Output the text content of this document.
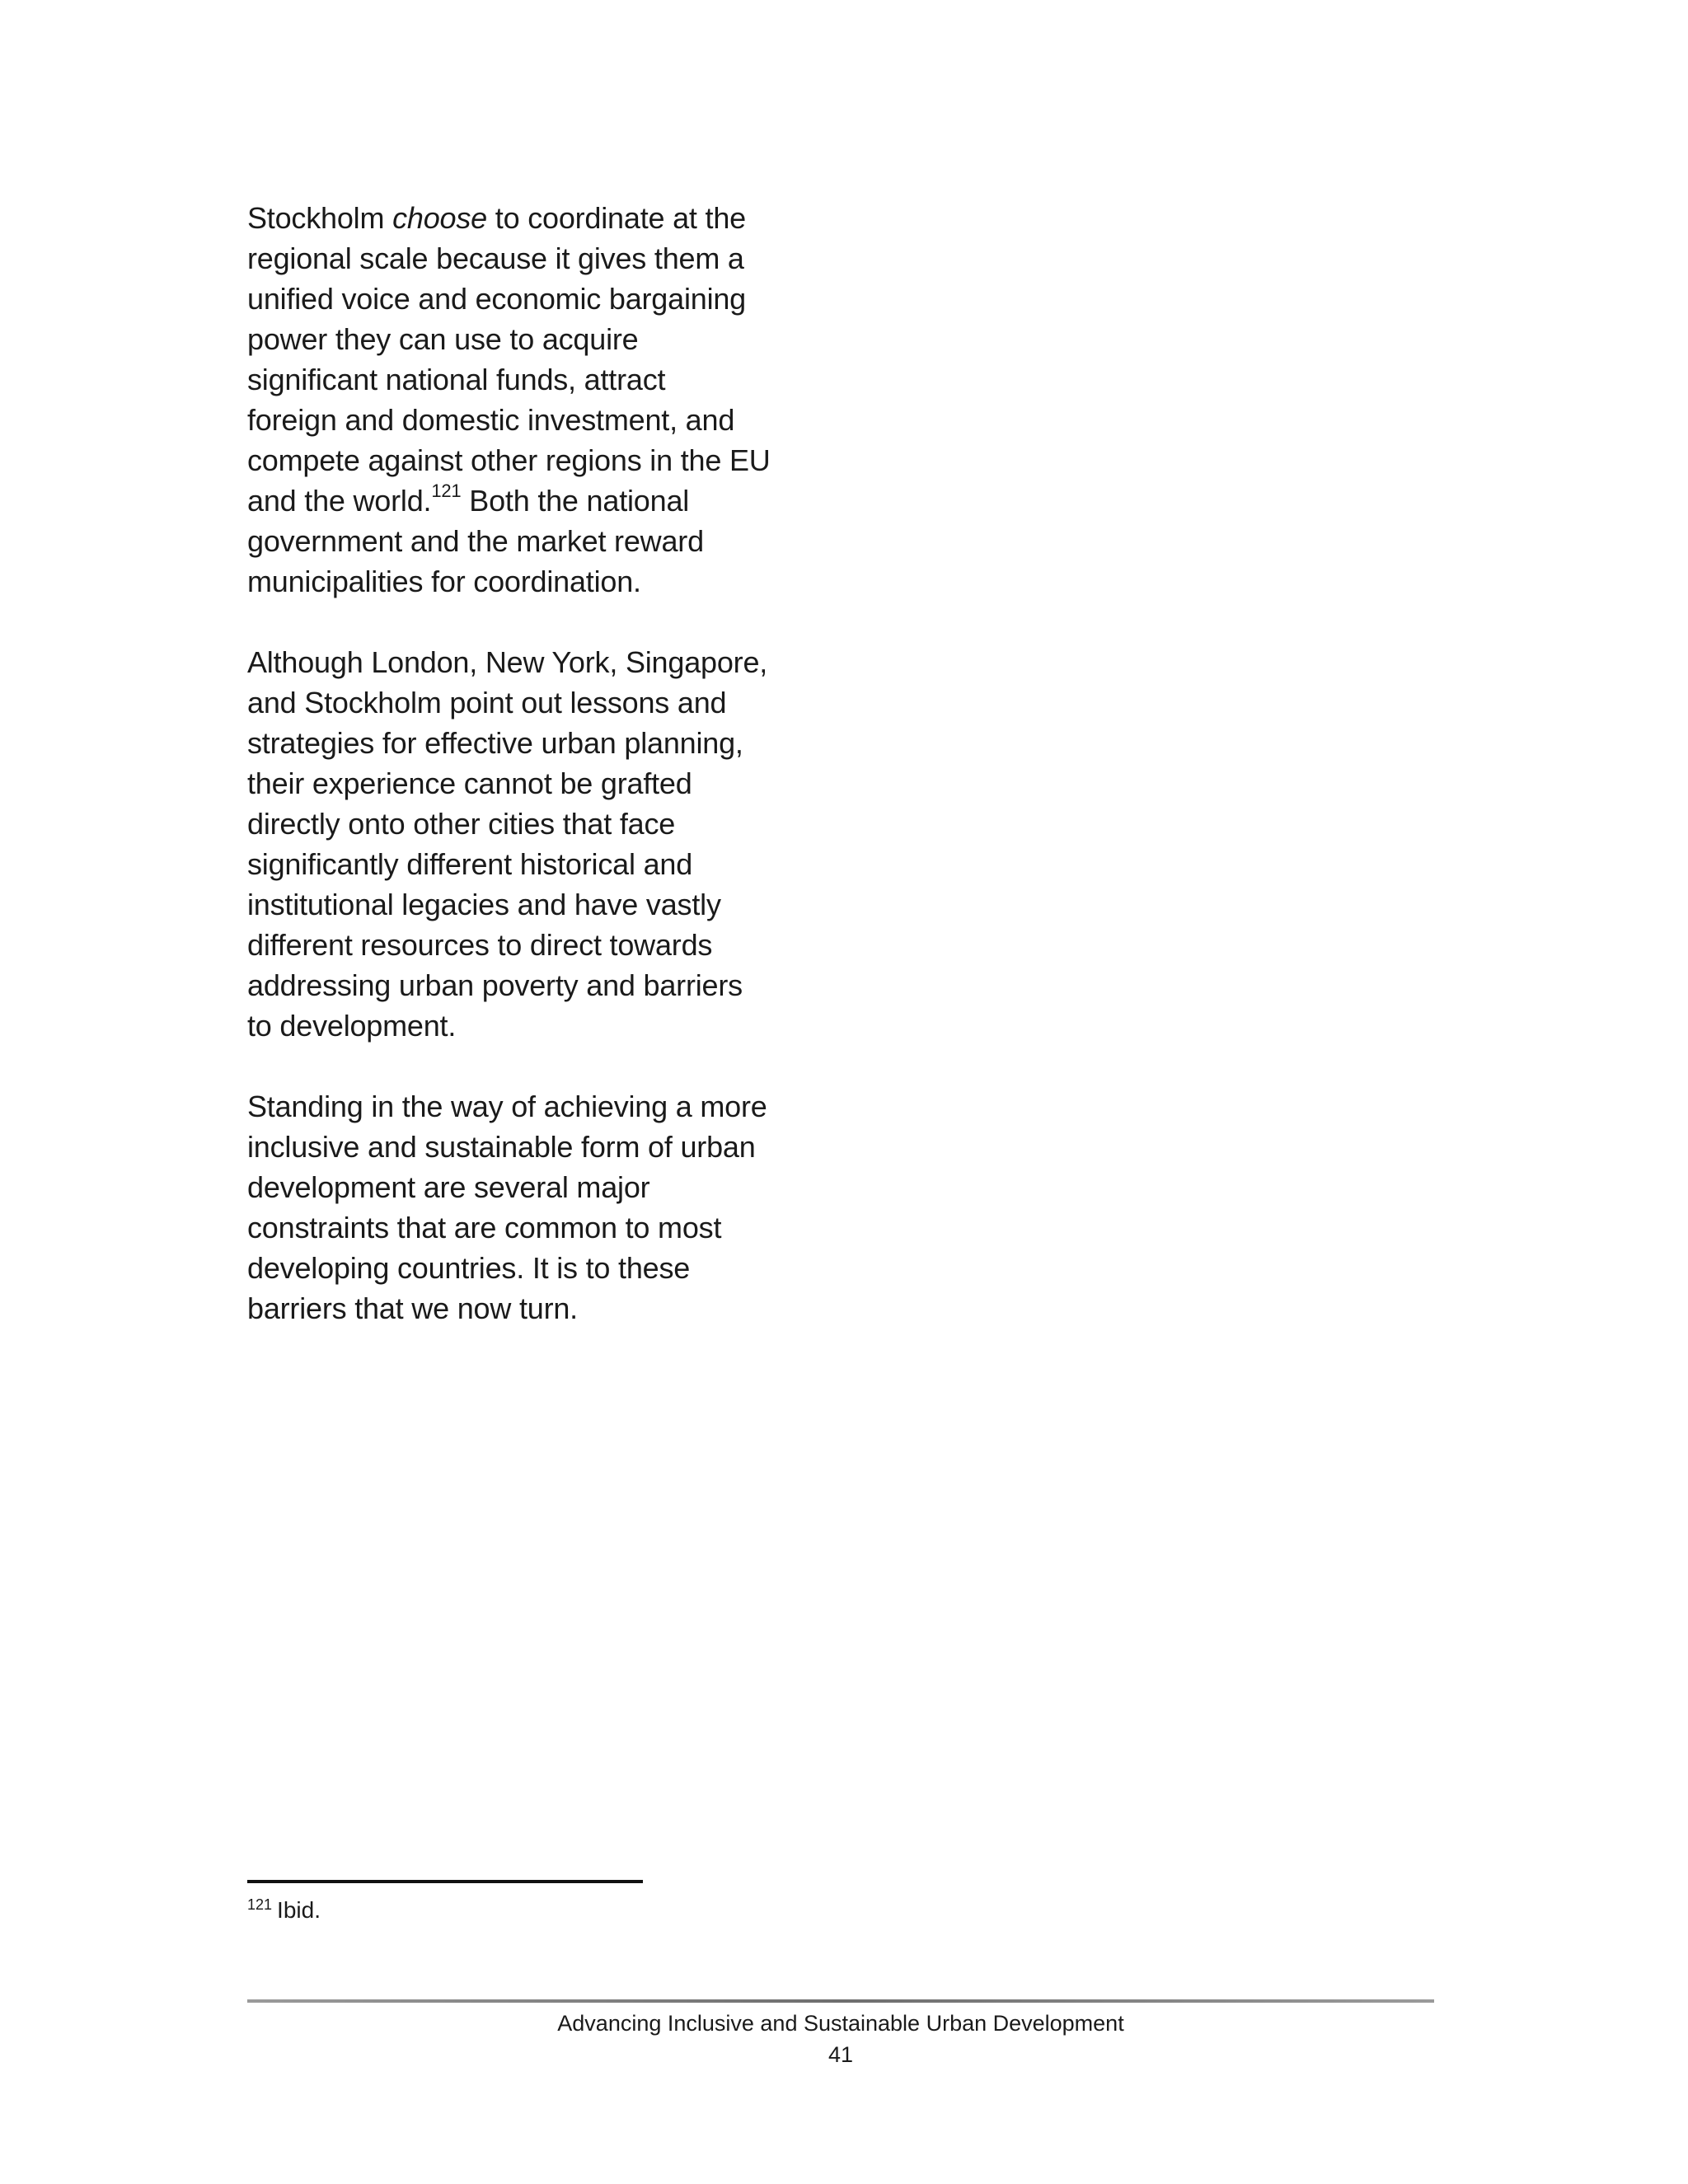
Stockholm choose to coordinate at the
regional scale because it gives them a
unified voice and economic bargaining
power they can use to acquire
significant national funds, attract
foreign and domestic investment, and
compete against other regions in the EU
and the world.$^{121}$ Both the national
government and the market reward
municipalities for coordination.

Although London, New York, Singapore,
and Stockholm point out lessons and
strategies for effective urban planning,
their experience cannot be grafted
directly onto other cities that face
significantly different historical and
institutional legacies and have vastly
different resources to direct towards
addressing urban poverty and barriers
to development.

Standing in the way of achieving a more
inclusive and sustainable form of urban
development are several major
constraints that are common to most
developing countries. It is to these
barriers that we now turn.

$^{121}$ Ibid.
Advancing Inclusive and Sustainable Urban Development
41
